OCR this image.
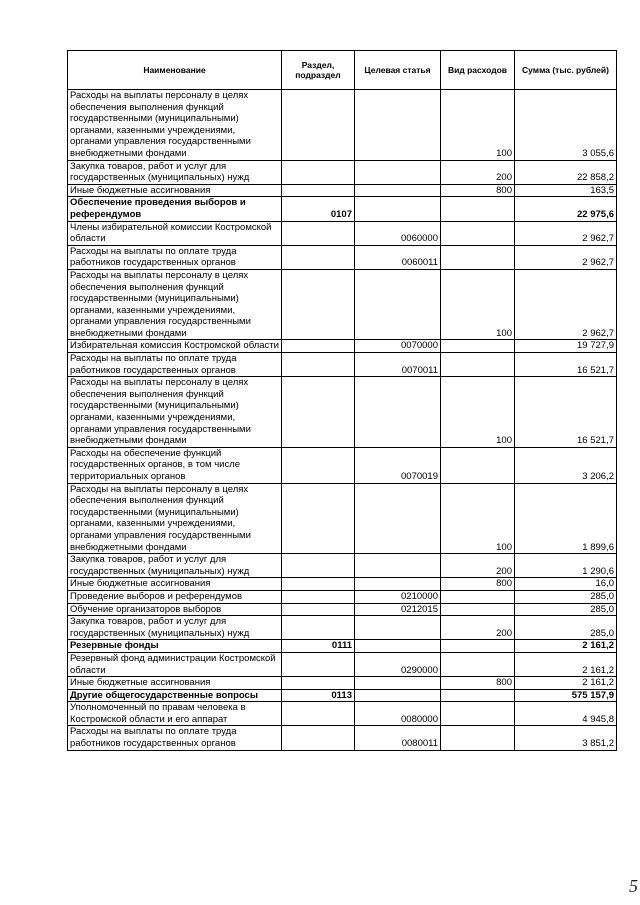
Наименование	Раздел, подраздел	Целевая статья	Вид расходов	Сумма (тыс. рублей)
Расходы на выплаты персоналу в целях обеспечения выполнения функций государственными (муниципальными) органами, казенными учреждениями, органами управления государственными внебюджетными фондами			100	3 055,6
Закупка товаров, работ и услуг для государственных (муниципальных) нужд			200	22 858,2
Иные бюджетные ассигнования			800	163,5
Обеспечение проведения выборов и референдумов	0107			22 975,6
Члены избирательной комиссии Костромской области		0060000		2 962,7
Расходы на выплаты по оплате труда работников государственных органов		0060011		2 962,7
Расходы на выплаты персоналу в целях обеспечения выполнения функций государственными (муниципальными) органами, казенными учреждениями, органами управления государственными внебюджетными фондами			100	2 962,7
Избирательная комиссия Костромской области		0070000		19 727,9
Расходы на выплаты по оплате труда работников государственных органов		0070011		16 521,7
Расходы на выплаты персоналу в целях обеспечения выполнения функций государственными (муниципальными) органами, казенными учреждениями, органами управления государственными внебюджетными фондами			100	16 521,7
Расходы на обеспечение функций государственных органов, в том числе территориальных органов		0070019		3 206,2
Расходы на выплаты персоналу в целях обеспечения выполнения функций государственными (муниципальными) органами, казенными учреждениями, органами управления государственными внебюджетными фондами			100	1 899,6
Закупка товаров, работ и услуг для государственных (муниципальных) нужд			200	1 290,6
Иные бюджетные ассигнования			800	16,0
Проведение выборов и референдумов		0210000		285,0
Обучение организаторов выборов		0212015		285,0
Закупка товаров, работ и услуг для государственных (муниципальных) нужд			200	285,0
Резервные фонды	0111			2 161,2
Резервный фонд администрации Костромской области		0290000		2 161,2
Иные бюджетные ассигнования			800	2 161,2
Другие общегосударственные вопросы	0113			575 157,9
Уполномоченный по правам человека в Костромской области и его аппарат		0080000		4 945,8
Расходы на выплаты по оплате труда работников государственных органов		0080011		3 851,2
5
